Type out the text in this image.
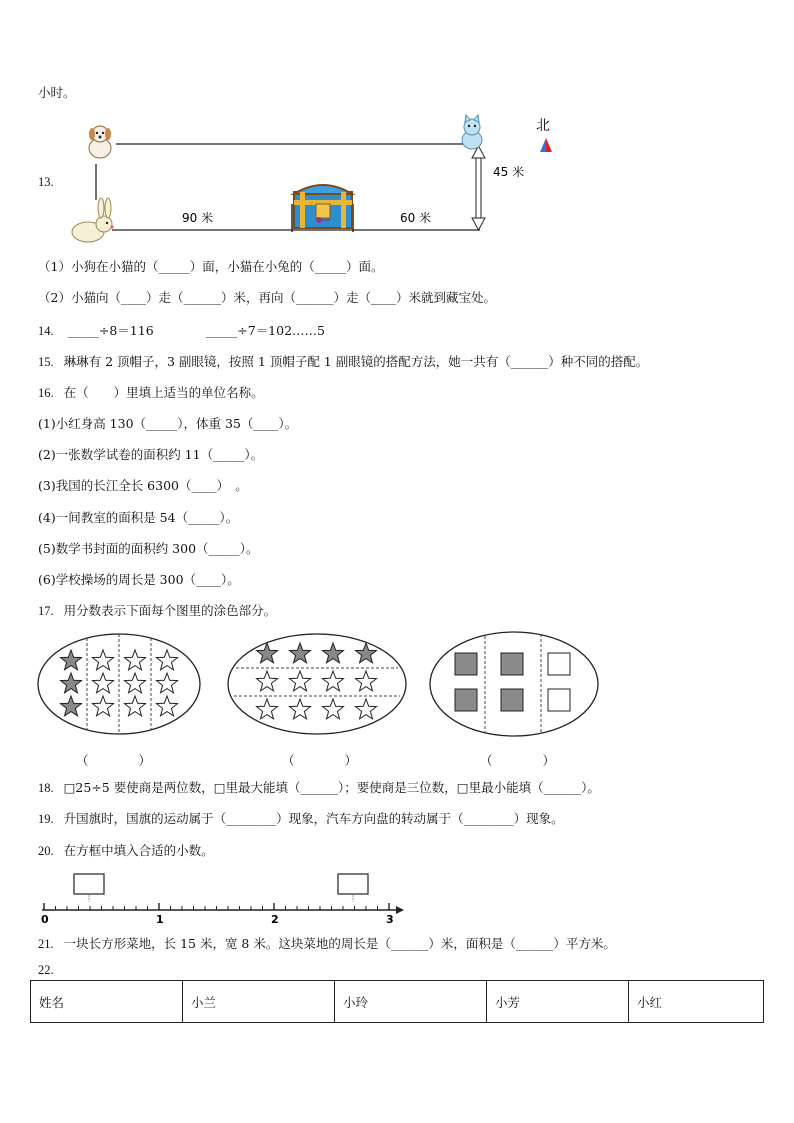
小时。
13.
90 米	60 米
45 米
北
（1）小狗在小猫的（_____）面，小猫在小兔的（_____）面。
（2）小猫向（____）走（______）米，再向（______）走（____）米就到藏宝处。
14. _____÷8＝116	_____÷7＝102……5
15. 琳琳有 2 顶帽子，3 副眼镜，按照 1 顶帽子配 1 副眼镜的搭配方法，她一共有（______）种不同的搭配。
16. 在（　　）里填上适当的单位名称。
(1)小红身高 130（_____），体重 35（____）。
(2)一张数学试卷的面积约 11（_____）。
(3)我国的长江全长 6300（____）　。
(4)一间教室的面积是 54（_____）。
(5)数学书封面的面积约 300（_____）。
(6)学校操场的周长是 300（____）。
17. 用分数表示下面每个图里的涂色部分。
（　　　　）	（　　　　）	（　　　　）
18. □25÷5 要使商是两位数，□里最大能填（______）；要使商是三位数，□里最小能填（______）。
19. 升国旗时，国旗的运动属于（________）现象，汽车方向盘的转动属于（________）现象。
20. 在方框中填入合适的小数。
0	1	2	3
21. 一块长方形菜地，长 15 米，宽 8 米。这块菜地的周长是（______）米，面积是（______）平方米。
22.
姓名	小兰	小玲	小芳	小红
